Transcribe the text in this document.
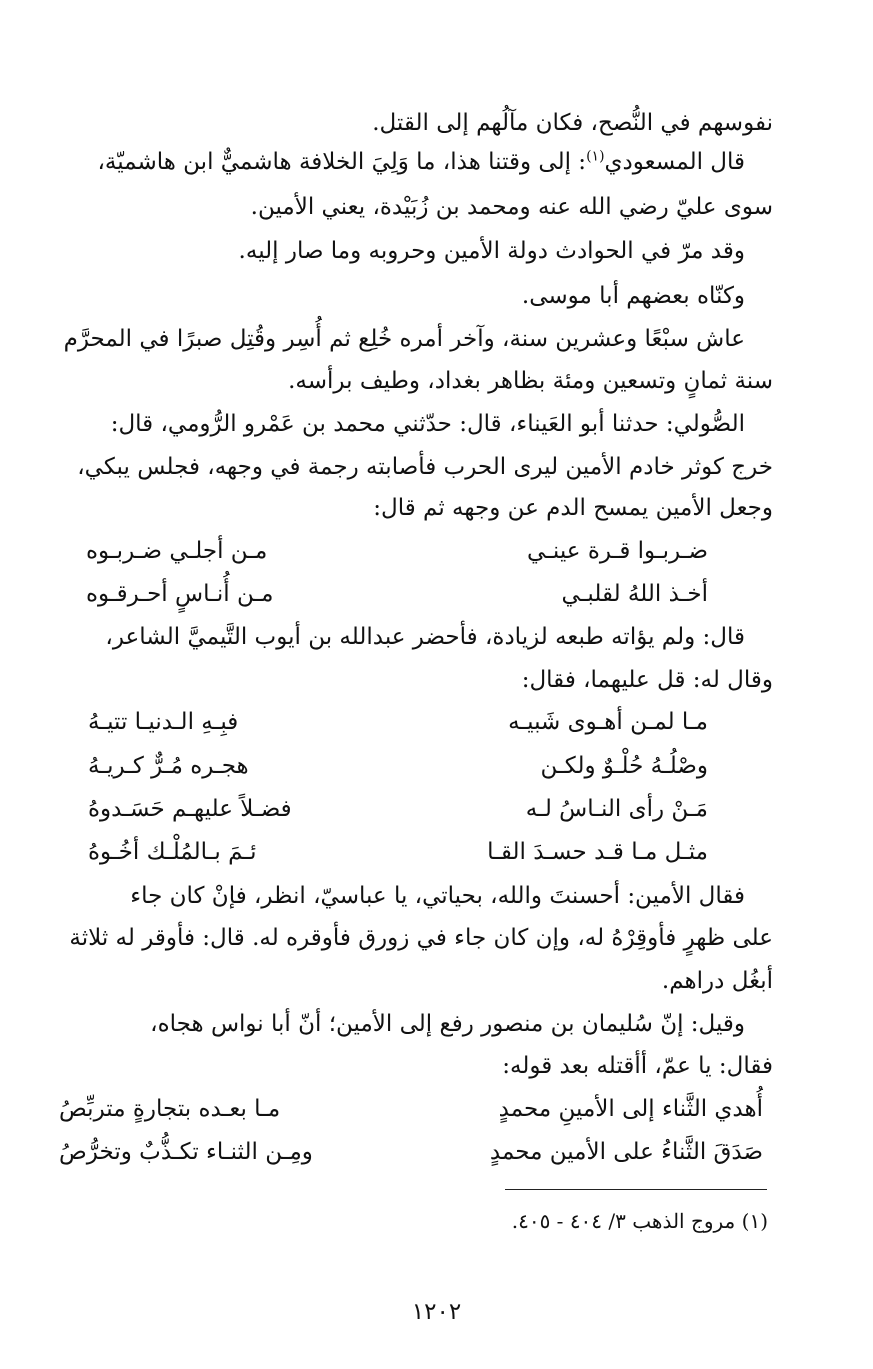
نفوسهم في النُّصح، فكان مآلُهم إلى القتل.
قال المسعودي$^{(١)}$: إلى وقتنا هذا، ما وَلِيَ الخلافة هاشميٌّ ابن هاشميّة،
سوى عليّ رضي الله عنه ومحمد بن زُبَيْدة، يعني الأمين.
وقد مرّ في الحوادث دولة الأمين وحروبه وما صار إليه.
وكنّاه بعضهم أبا موسى.
عاش سبْعًا وعشرين سنة، وآخر أمره خُلِع ثم أُسِر وقُتِل صبرًا في المحرَّم
سنة ثمانٍ وتسعين ومئة بظاهر بغداد، وطيف برأسه.
الصُّولي: حدثنا أبو العَيناء، قال: حدّثني محمد بن عَمْرو الرُّومي، قال:
خرج كوثر خادم الأمين ليرى الحرب فأصابته رجمة في وجهه، فجلس يبكي،
وجعل الأمين يمسح الدم عن وجهه ثم قال:
ضـربـوا قـرة عينـي
مـن أجلـي ضـربـوه
أخـذ اللهُ لقلبـي
مـن أُنـاسٍ أحـرقـوه
قال: ولم يؤاته طبعه لزيادة، فأحضر عبدالله بن أيوب التَّيميَّ الشاعر،
وقال له: قل عليهما، فقال:
مـا لمـن أهـوى شَبيـه
فبِـهِ الـدنيـا تتيـهُ
وصْلُـهُ حُلْـوٌ ولكـن
هجـره مُـرٌّ كـريـهُ
مَـنْ رأى النـاسُ لـه
فضـلاً عليهـم حَسَـدوهُ
مثـل مـا قـد حسـدَ القـا
ئـمَ بـالمُلْـك أخُـوهُ
فقال الأمين: أحسنتَ والله، بحياتي، يا عباسيّ، انظر، فإنْ كان جاء
على ظهرٍ فأوقِرْهُ له، وإن كان جاء في زورق فأوقره له. قال: فأوقر له ثلاثة
أبغُل دراهم.
وقيل: إنّ سُليمان بن منصور رفع إلى الأمين؛ أنّ أبا نواس هجاه،
فقال: يا عمّ، أأقتله بعد قوله:
أُهدي الثَّناء إلى الأمينِ محمدٍ
مـا بعـده بتجارةٍ متربِّصُ
صَدَقَ الثَّناءُ على الأمين محمدٍ
ومِـن الثنـاء تكـذُّبٌ وتخرُّصُ
(١) مروج الذهب ٣/ ٤٠٤ - ٤٠٥.
١٢٠٢
